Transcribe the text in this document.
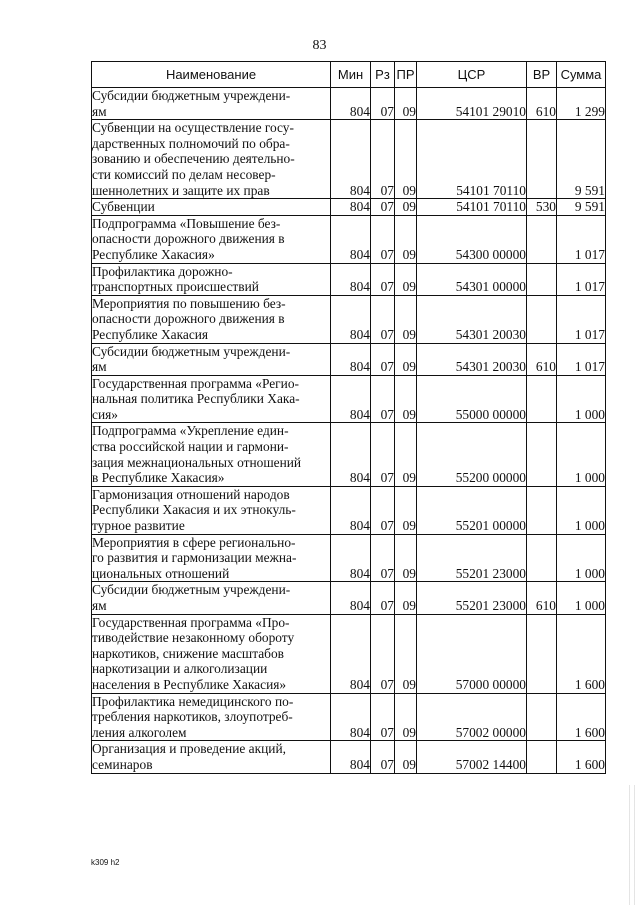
83
Наименование	Мин	Рз	ПР	ЦСР	ВР	Сумма
Субсидии бюджетным учреждени-
ям	804	07	09	54101 29010	610	1 299
Субвенции на осуществление госу-
дарственных полномочий по обра-
зованию и обеспечению деятельно-
сти комиссий по делам несовер-
шеннолетних и защите их прав	804	07	09	54101 70110		9 591
Субвенции	804	07	09	54101 70110	530	9 591
Подпрограмма «Повышение без-
опасности дорожного движения в
Республике Хакасия»	804	07	09	54300 00000		1 017
Профилактика дорожно-
транспортных происшествий	804	07	09	54301 00000		1 017
Мероприятия по повышению без-
опасности дорожного движения в
Республике Хакасия	804	07	09	54301 20030		1 017
Субсидии бюджетным учреждени-
ям	804	07	09	54301 20030	610	1 017
Государственная программа «Регио-
нальная политика Республики Хака-
сия»	804	07	09	55000 00000		1 000
Подпрограмма «Укрепление един-
ства российской нации и гармони-
зация межнациональных отношений
в Республике Хакасия»	804	07	09	55200 00000		1 000
Гармонизация отношений народов
Республики Хакасия и их этнокуль-
турное развитие	804	07	09	55201 00000		1 000
Мероприятия в сфере регионально-
го развития и гармонизации межна-
циональных отношений	804	07	09	55201 23000		1 000
Субсидии бюджетным учреждени-
ям	804	07	09	55201 23000	610	1 000
Государственная программа «Про-
тиводействие незаконному обороту
наркотиков, снижение масштабов
наркотизации и алкоголизации
населения в Республике Хакасия»	804	07	09	57000 00000		1 600
Профилактика немедицинского по-
требления наркотиков, злоупотреб-
ления алкоголем	804	07	09	57002 00000		1 600
Организация и проведение акций,
семинаров	804	07	09	57002 14400		1 600
k309 h2
